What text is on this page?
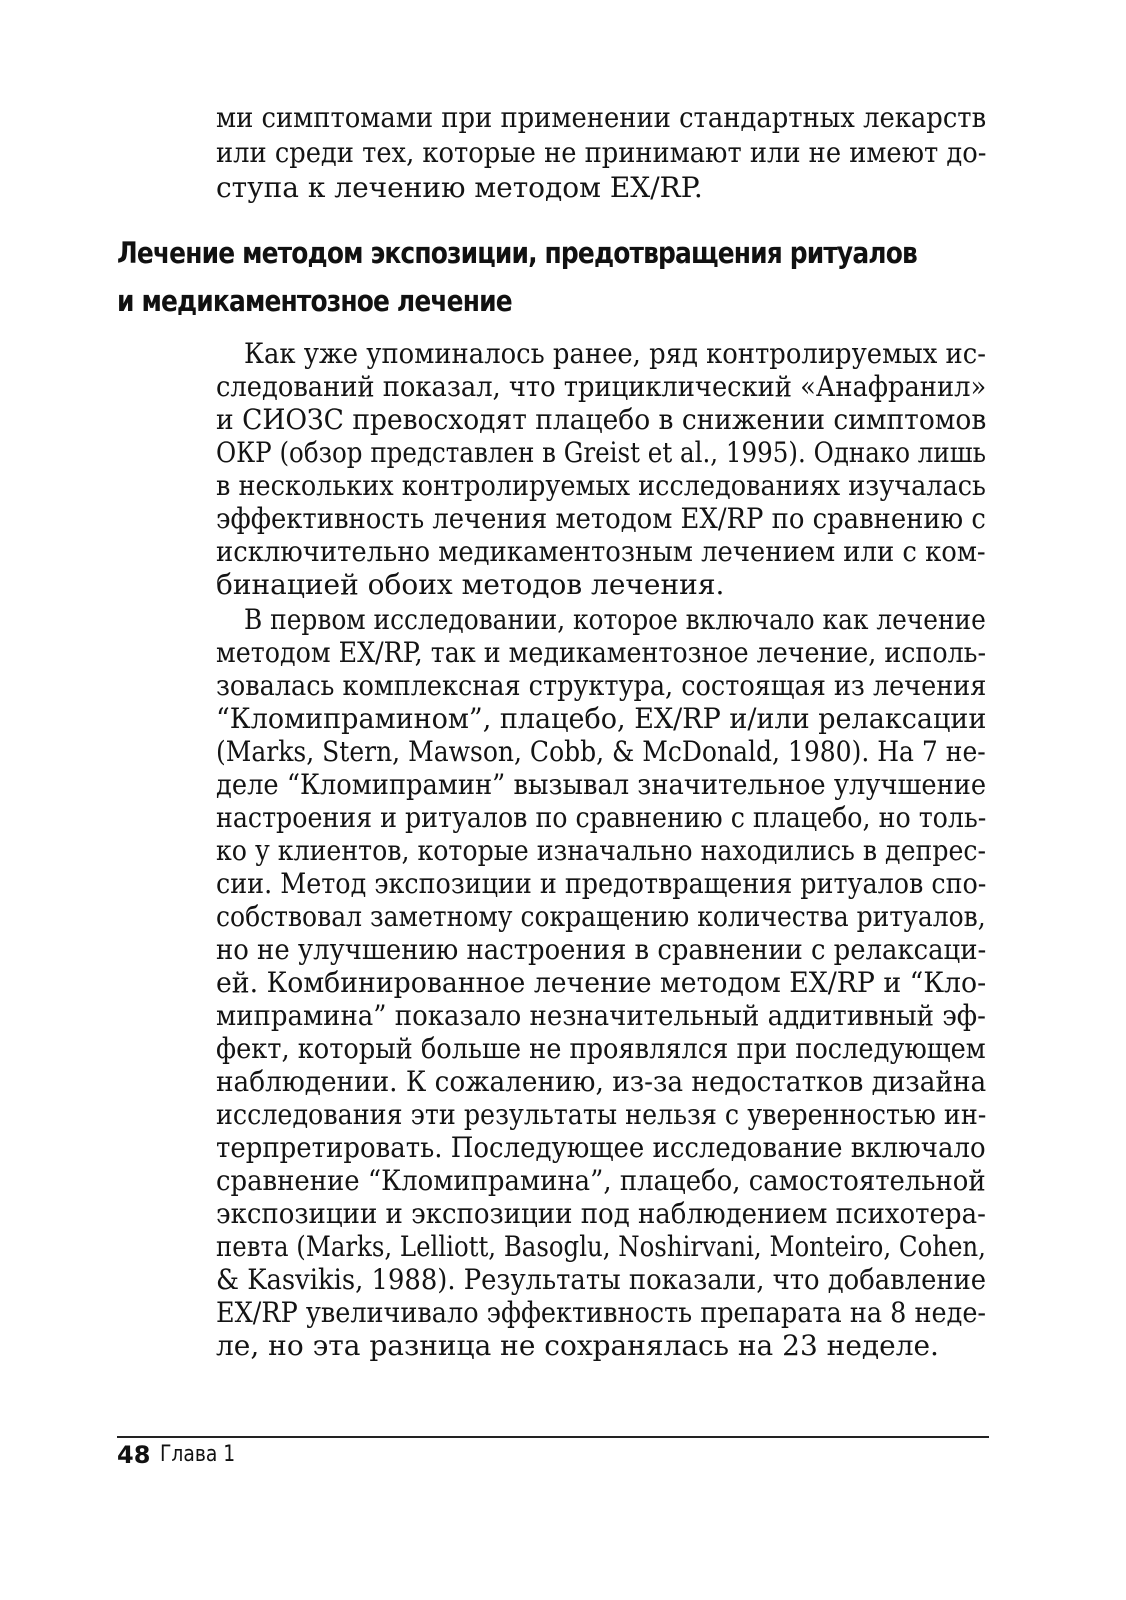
ми симптомами при применении стандартных лекарств
или среди тех, которые не принимают или не имеют до-
ступа к лечению методом EX/RP.
Лечение методом экспозиции, предотвращения ритуалов
и медикаментозное лечение
Как уже упоминалось ранее, ряд контролируемых ис-
следований показал, что трициклический «Анафранил»
и СИОЗС превосходят плацебо в снижении симптомов
ОКР (обзор представлен в Greist et al., 1995). Однако лишь
в нескольких контролируемых исследованиях изучалась
эффективность лечения методом EX/RP по сравнению с
исключительно медикаментозным лечением или с ком-
бинацией обоих методов лечения.
В первом исследовании, которое включало как лечение
методом EX/RP, так и медикаментозное лечение, исполь-
зовалась комплексная структура, состоящая из лечения
“Кломипрамином”, плацебо, EX/RP и/или релаксации
(Marks, Stern, Mawson, Cobb, & McDonald, 1980). На 7 не-
деле “Кломипрамин” вызывал значительное улучшение
настроения и ритуалов по сравнению с плацебо, но толь-
ко у клиентов, которые изначально находились в депрес-
сии. Метод экспозиции и предотвращения ритуалов спо-
собствовал заметному сокращению количества ритуалов,
но не улучшению настроения в сравнении с релаксаци-
ей. Комбинированное лечение методом EX/RP и “Кло-
мипрамина” показало незначительный аддитивный эф-
фект, который больше не проявлялся при последующем
наблюдении. К сожалению, из-за недостатков дизайна
исследования эти результаты нельзя с уверенностью ин-
терпретировать. Последующее исследование включало
сравнение “Кломипрамина”, плацебо, самостоятельной
экспозиции и экспозиции под наблюдением психотера-
певта (Marks, Lelliott, Basoglu, Noshirvani, Monteiro, Cohen,
& Kasvikis, 1988). Результаты показали, что добавление
EX/RP увеличивало эффективность препарата на 8 неде-
ле, но эта разница не сохранялась на 23 неделе.
48 Глава 1
